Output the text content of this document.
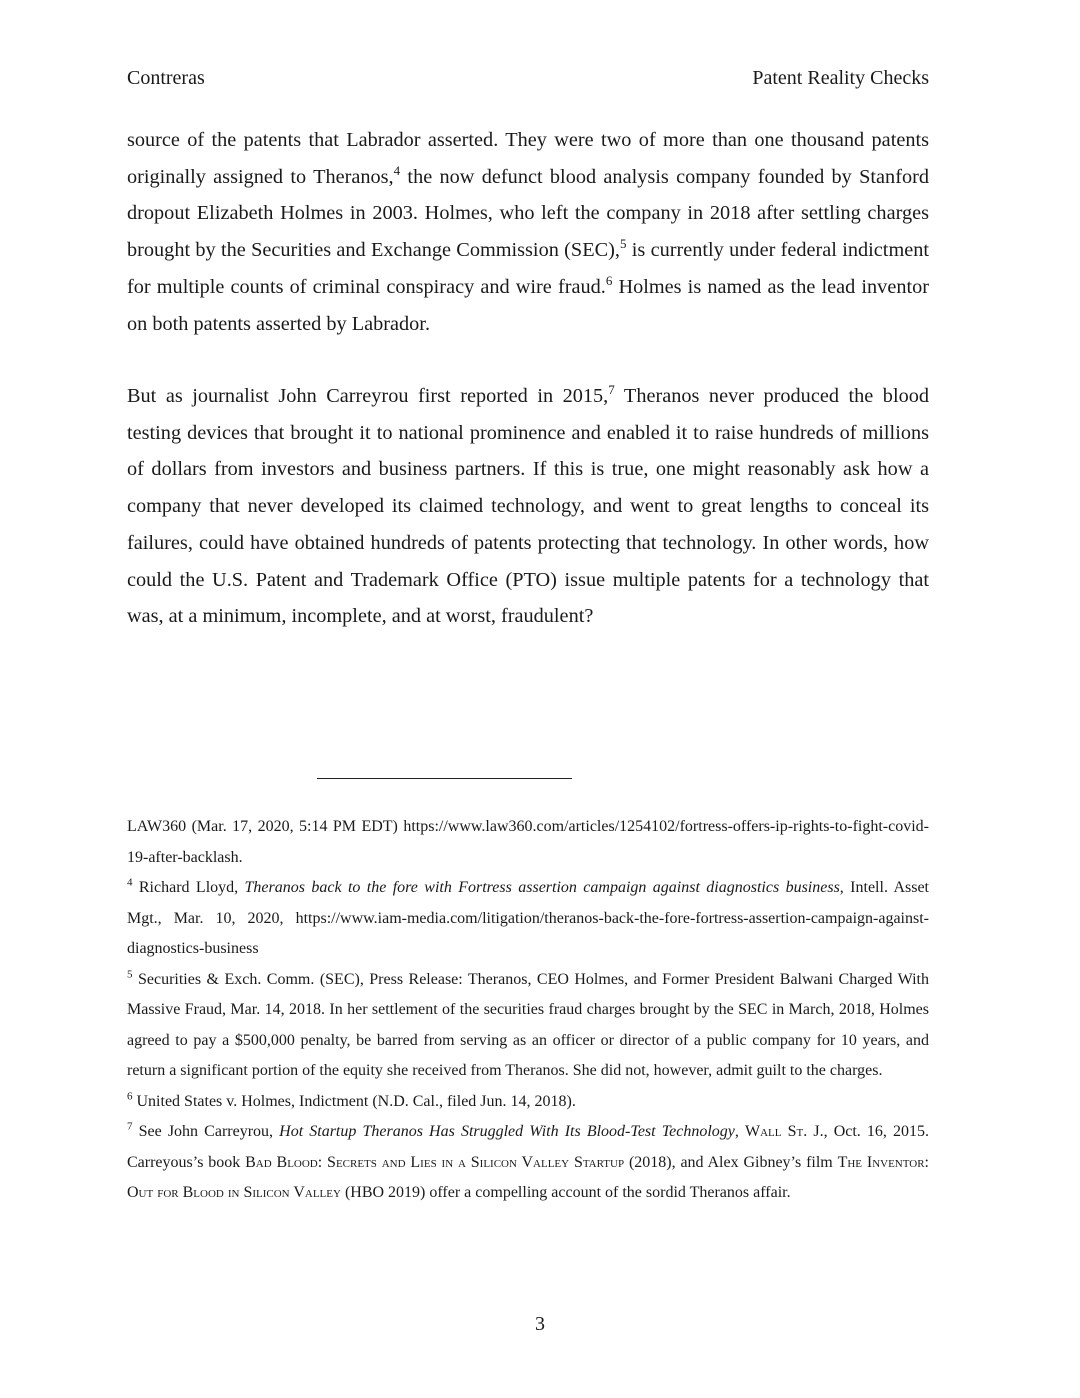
Contreras	Patent Reality Checks

source of the patents that Labrador asserted. They were two of more than one thousand patents originally assigned to Theranos,$^4$ the now defunct blood analysis company founded by Stanford dropout Elizabeth Holmes in 2003. Holmes, who left the company in 2018 after settling charges brought by the Securities and Exchange Commission (SEC),$^5$ is currently under federal indictment for multiple counts of criminal conspiracy and wire fraud.$^6$ Holmes is named as the lead inventor on both patents asserted by Labrador.

But as journalist John Carreyrou first reported in 2015,$^7$ Theranos never produced the blood testing devices that brought it to national prominence and enabled it to raise hundreds of millions of dollars from investors and business partners. If this is true, one might reasonably ask how a company that never developed its claimed technology, and went to great lengths to conceal its failures, could have obtained hundreds of patents protecting that technology. In other words, how could the U.S. Patent and Trademark Office (PTO) issue multiple patents for a technology that was, at a minimum, incomplete, and at worst, fraudulent?

LAW360 (Mar. 17, 2020, 5:14 PM EDT) https://www.law360.com/articles/1254102/fortress-offers-ip-rights-to-fight-covid-19-after-backlash.

$^4$ Richard Lloyd, Theranos back to the fore with Fortress assertion campaign against diagnostics business, Intell. Asset Mgt., Mar. 10, 2020, https://www.iam-media.com/litigation/theranos-back-the-fore-fortress-assertion-campaign-against-diagnostics-business

$^5$ Securities & Exch. Comm. (SEC), Press Release: Theranos, CEO Holmes, and Former President Balwani Charged With Massive Fraud, Mar. 14, 2018. In her settlement of the securities fraud charges brought by the SEC in March, 2018, Holmes agreed to pay a $500,000 penalty, be barred from serving as an officer or director of a public company for 10 years, and return a significant portion of the equity she received from Theranos. She did not, however, admit guilt to the charges.

$^6$ United States v. Holmes, Indictment (N.D. Cal., filed Jun. 14, 2018).

$^7$ See John Carreyrou, Hot Startup Theranos Has Struggled With Its Blood-Test Technology, Wall St. J., Oct. 16, 2015. Carreyous’s book Bad Blood: Secrets and Lies in a Silicon Valley Startup (2018), and Alex Gibney’s film The Inventor: Out for Blood in Silicon Valley (HBO 2019) offer a compelling account of the sordid Theranos affair.

3
